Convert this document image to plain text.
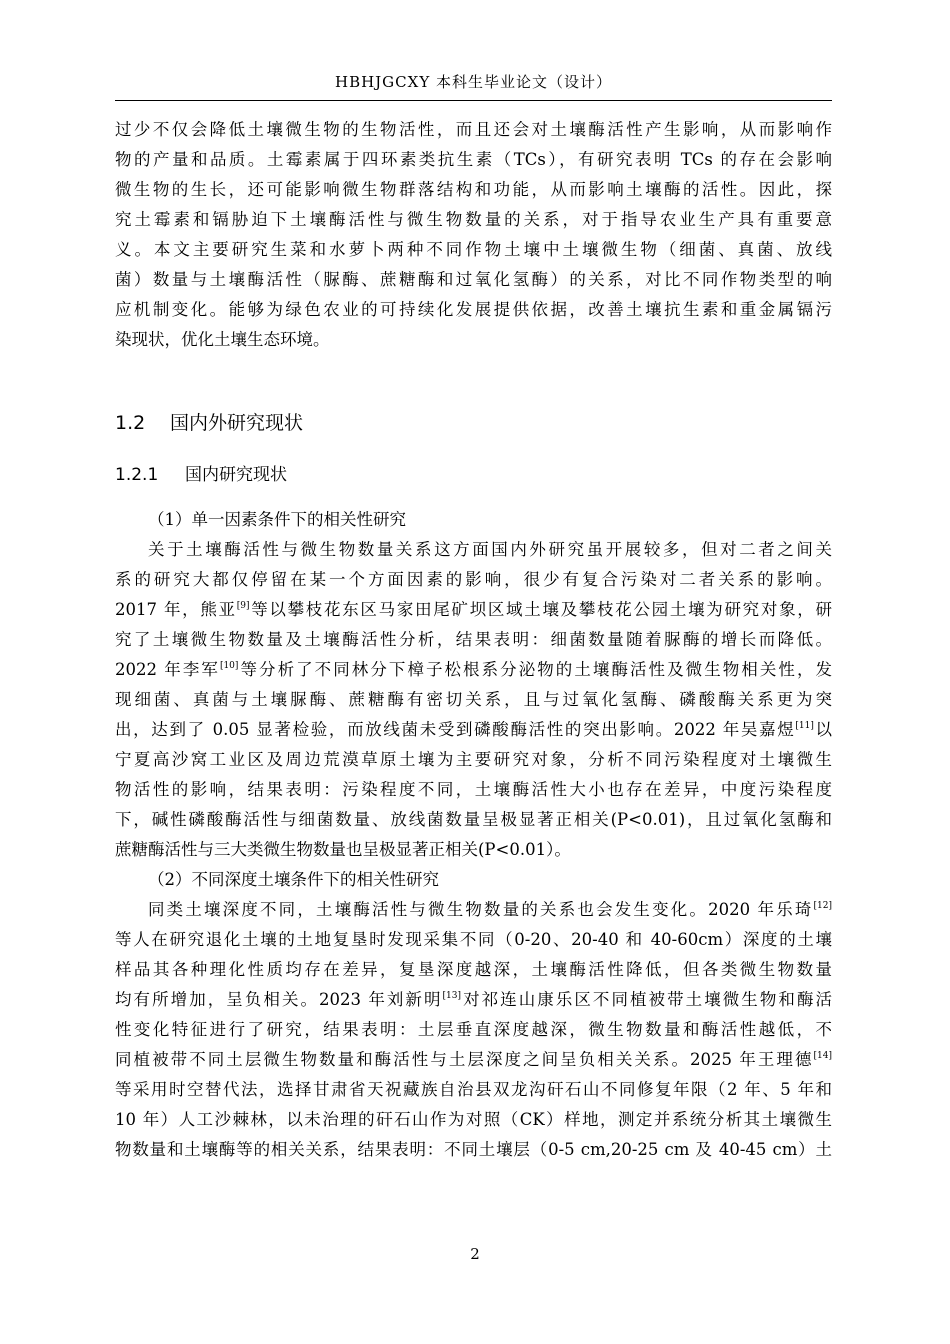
HBHJGCXY 本科生毕业论文（设计）
过少不仅会降低土壤微生物的生物活性，而且还会对土壤酶活性产生影响，从而影响作
物的产量和品质。土霉素属于四环素类抗生素（TCs），有研究表明 TCs 的存在会影响
微生物的生长，还可能影响微生物群落结构和功能，从而影响土壤酶的活性。因此，探
究土霉素和镉胁迫下土壤酶活性与微生物数量的关系，对于指导农业生产具有重要意
义。本文主要研究生菜和水萝卜两种不同作物土壤中土壤微生物（细菌、真菌、放线
菌）数量与土壤酶活性（脲酶、蔗糖酶和过氧化氢酶）的关系，对比不同作物类型的响
应机制变化。能够为绿色农业的可持续化发展提供依据，改善土壤抗生素和重金属镉污
染现状，优化土壤生态环境。
1.2 国内外研究现状
1.2.1 国内研究现状
（1）单一因素条件下的相关性研究
关于土壤酶活性与微生物数量关系这方面国内外研究虽开展较多，但对二者之间关
系的研究大都仅停留在某一个方面因素的影响，很少有复合污染对二者关系的影响。
2017 年，熊亚[9]等以攀枝花东区马家田尾矿坝区域土壤及攀枝花公园土壤为研究对象，研
究了土壤微生物数量及土壤酶活性分析，结果表明：细菌数量随着脲酶的增长而降低。
2022 年李军[10]等分析了不同林分下樟子松根系分泌物的土壤酶活性及微生物相关性，发
现细菌、真菌与土壤脲酶、蔗糖酶有密切关系，且与过氧化氢酶、磷酸酶关系更为突
出，达到了 0.05 显著检验，而放线菌未受到磷酸酶活性的突出影响。2022 年吴嘉煜[11]以
宁夏高沙窝工业区及周边荒漠草原土壤为主要研究对象，分析不同污染程度对土壤微生
物活性的影响，结果表明：污染程度不同，土壤酶活性大小也存在差异，中度污染程度
下，碱性磷酸酶活性与细菌数量、放线菌数量呈极显著正相关(P<0.01)，且过氧化氢酶和
蔗糖酶活性与三大类微生物数量也呈极显著正相关(P<0.01）。
（2）不同深度土壤条件下的相关性研究
同类土壤深度不同，土壤酶活性与微生物数量的关系也会发生变化。2020 年乐琦[12]
等人在研究退化土壤的土地复垦时发现采集不同（0-20、20-40 和 40-60cm）深度的土壤
样品其各种理化性质均存在差异，复垦深度越深，土壤酶活性降低，但各类微生物数量
均有所增加，呈负相关。2023 年刘新明[13]对祁连山康乐区不同植被带土壤微生物和酶活
性变化特征进行了研究，结果表明：土层垂直深度越深，微生物数量和酶活性越低，不
同植被带不同土层微生物数量和酶活性与土层深度之间呈负相关关系。2025 年王理德[14]
等采用时空替代法，选择甘肃省天祝藏族自治县双龙沟矸石山不同修复年限（2 年、5 年和
10 年）人工沙棘林，以未治理的矸石山作为对照（CK）样地，测定并系统分析其土壤微生
物数量和土壤酶等的相关关系，结果表明：不同土壤层（0-5 cm,20-25 cm 及 40-45 cm）土
2
